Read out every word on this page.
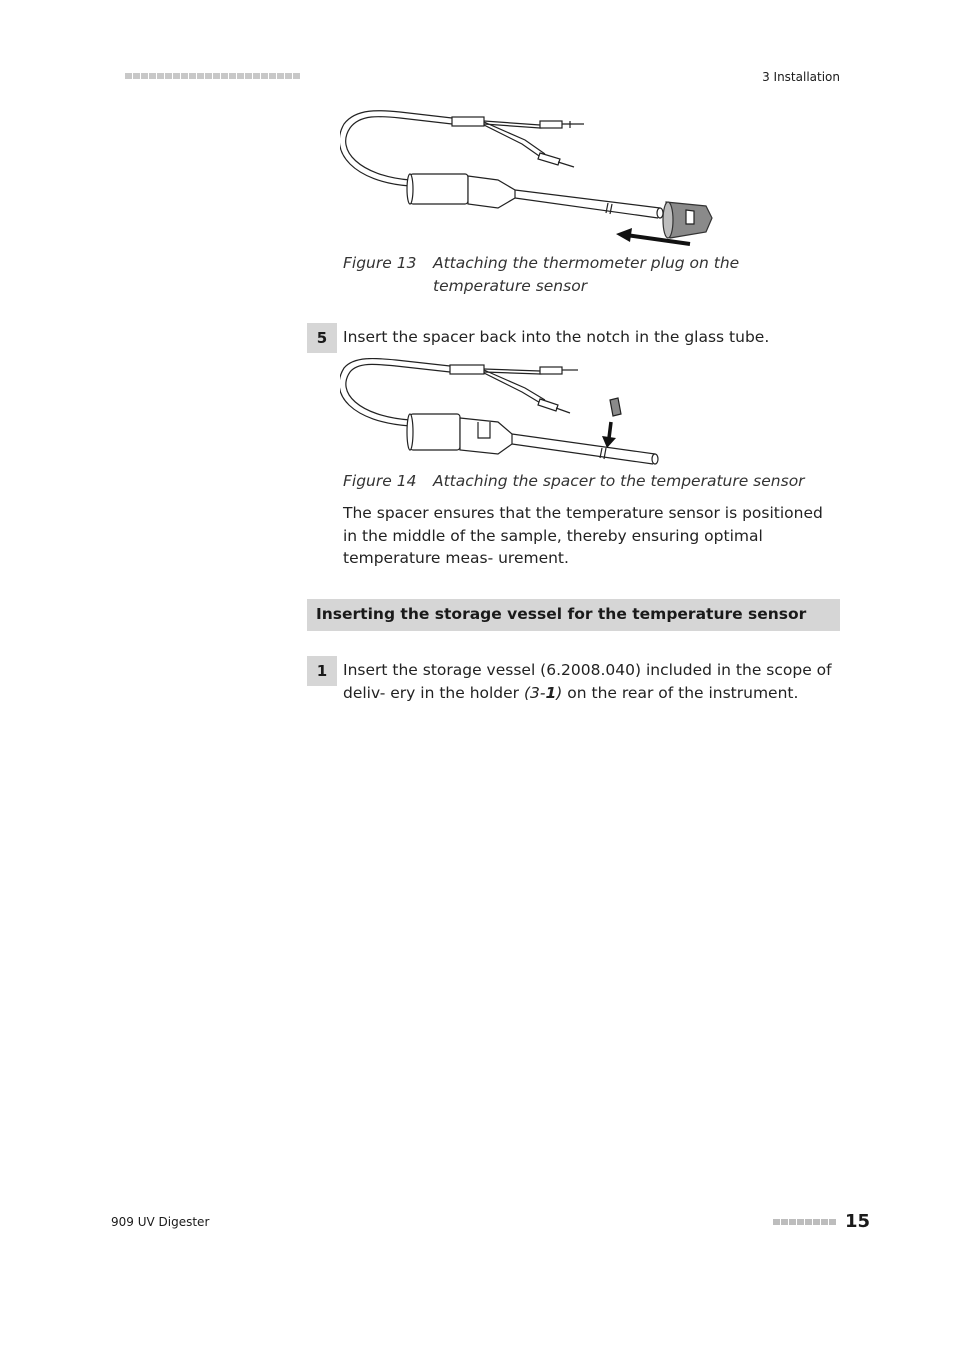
3 Installation
Figure 13 Attaching the thermometer plug on the temperature sensor
5	Insert the spacer back into the notch in the glass tube.
Figure 14 Attaching the spacer to the temperature sensor
The spacer ensures that the temperature sensor is positioned in the middle of the sample, thereby ensuring optimal temperature meas- urement.
Inserting the storage vessel for the temperature sensor
1	Insert the storage vessel (6.2008.040) included in the scope of deliv- ery in the holder (3-1) on the rear of the instrument.
909 UV Digester	15
